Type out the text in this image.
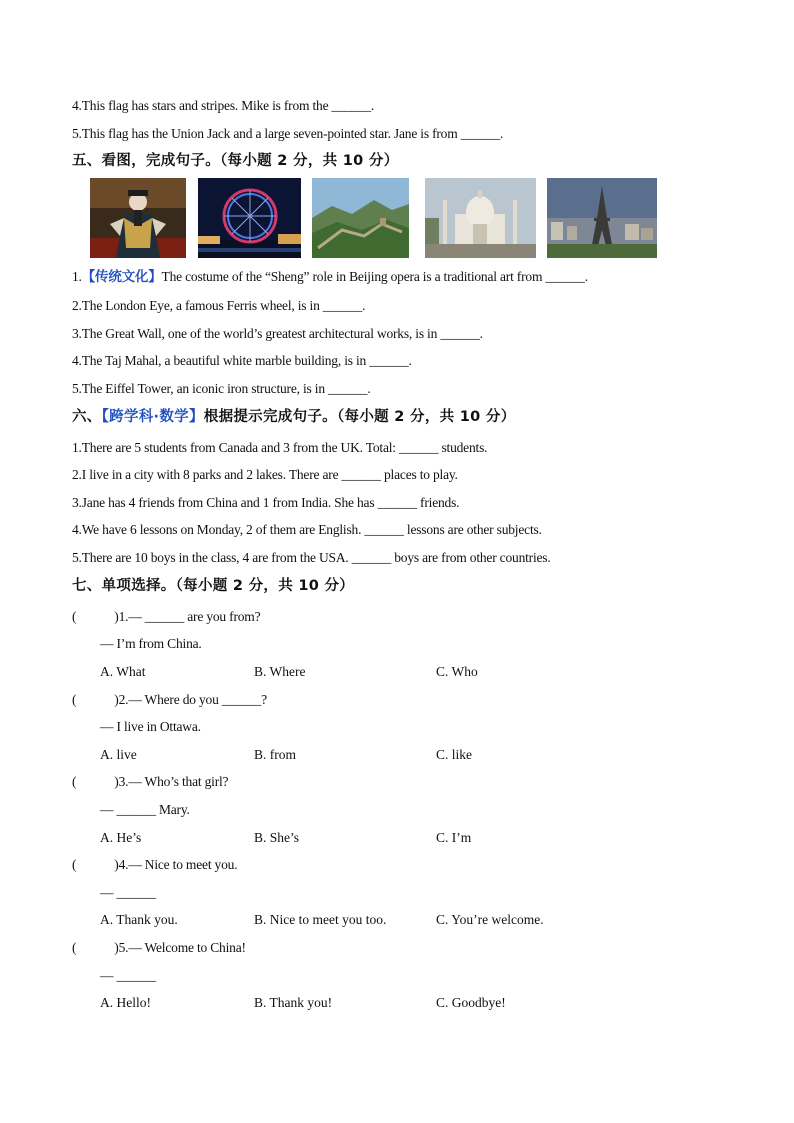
4.This flag has stars and stripes. Mike is from the ______.
5.This flag has the Union Jack and a large seven-pointed star. Jane is from ______.
五、看图，完成句子。（每小题 2 分，共 10 分）
1.【传统文化】The costume of the “Sheng” role in Beijing opera is a traditional art from ______.
2.The London Eye, a famous Ferris wheel, is in ______.
3.The Great Wall, one of the world’s greatest architectural works, is in ______.
4.The Taj Mahal, a beautiful white marble building, is in ______.
5.The Eiffel Tower, an iconic iron structure, is in ______.
六、【跨学科·数学】根据提示完成句子。（每小题 2 分，共 10 分）
1.There are 5 students from Canada and 3 from the UK. Total: ______ students.
2.I live in a city with 8 parks and 2 lakes. There are ______ places to play.
3.Jane has 4 friends from China and 1 from India. She has ______ friends.
4.We have 6 lessons on Monday, 2 of them are English. ______ lessons are other subjects.
5.There are 10 boys in the class, 4 are from the USA. ______ boys are from other countries.
七、单项选择。（每小题 2 分，共 10 分）
(	)1.— ______ are you from?
— I’m from China.
A. What	B. Where	C. Who
(	)2.— Where do you ______?
— I live in Ottawa.
A. live	B. from	C. like
(	)3.— Who’s that girl?
— ______ Mary.
A. He’s	B. She’s	C. I’m
(	)4.— Nice to meet you.
— ______
A. Thank you.	B. Nice to meet you too.	C. You’re welcome.
(	)5.— Welcome to China!
— ______
A. Hello!	B. Thank you!	C. Goodbye!
